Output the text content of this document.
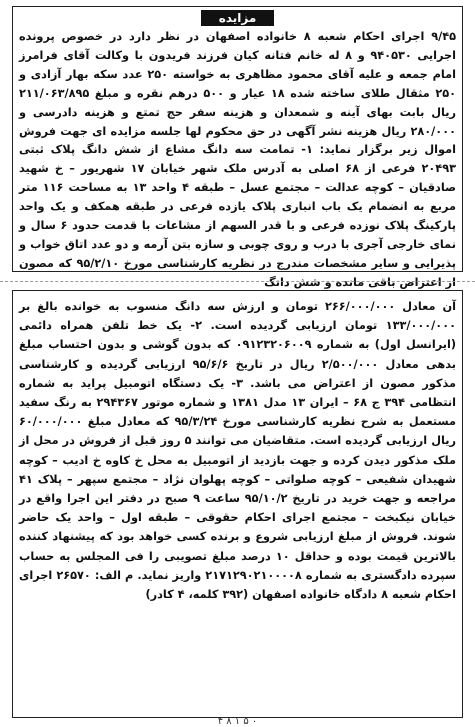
مزایده

۹/۴۵ اجرای احکام شعبه ۸ خانواده اصفهان در نظر دارد در خصوص پرونده اجرایی ۹۴۰۵۳۰ و ۸ له خانم فتانه کیان فرزند فریدون با وکالت آقای فرامرز امام جمعه و علیه آقای محمود مظاهری به خواسته ۲۵۰ عدد سکه بهار آزادی و ۲۵۰ مثقال طلای ساخته شده ۱۸ عیار و ۵۰۰ درهم نقره و مبلغ ۲۱۱/۰۶۳/۸۹۵ ریال بابت بهای آینه و شمعدان و هزینه سفر حج تمتع و هزینه دادرسی و ۲۸۰/۰۰۰ ریال هزینه نشر آگهی در حق محکوم لها جلسه مزایده ای جهت فروش اموال زیر برگزار نماید: ۱- تمامت سه دانگ مشاع از شش دانگ پلاک ثبتی ۲۰۴۹۳ فرعی از ۶۸ اصلی به آدرس ملک شهر خیابان ۱۷ شهریور – خ شهید صادقیان – کوچه عدالت – مجتمع عسل – طبقه ۴ واحد ۱۳ به مساحت ۱۱۶ متر مربع به انضمام یک باب انباری پلاک یازده فرعی در طبقه همکف و یک واحد پارکینگ پلاک نوزده فرعی و با قدر السهم از مشاعات با قدمت حدود ۶ سال و نمای خارجی آجری با درب و روی چوبی و سازه بتن آرمه و دو عدد اتاق خواب و پذیرایی و سایر مشخصات مندرج در نظریه کارشناسی مورخ ۹۵/۲/۱۰ که مصون از اعتراض باقی مانده و شش دانگ

آن معادل ۲۶۶/۰۰۰/۰۰۰ تومان و ارزش سه دانگ منسوب به خوانده بالغ بر ۱۳۳/۰۰۰/۰۰۰ تومان ارزیابی گردیده است. ۲- یک خط تلفن همراه دائمی (ایرانسل اول) به شماره ۰۹۱۲۳۲۰۶۰۰۹ که بدون گوشی و بدون احتساب مبلغ بدهی معادل ۲/۵۰۰/۰۰۰ ریال در تاریخ ۹۵/۶/۶ ارزیابی گردیده و کارشناسی مذکور مصون از اعتراض می باشد. ۳- یک دستگاه اتومبیل پراید به شماره انتظامی ۳۹۴ ج ۶۸ – ایران ۱۳ مدل ۱۳۸۱ و شماره موتور ۲۹۴۳۶۷ به رنگ سفید مستعمل به شرح نظریه کارشناسی مورخ ۹۵/۳/۲۴ که معادل مبلغ ۶۰/۰۰۰/۰۰۰ ریال ارزیابی گردیده است. متقاضیان می توانند ۵ روز قبل از فروش در محل از ملک مذکور دیدن کرده و جهت بازدید از اتومبیل به محل خ کاوه خ ادیب – کوچه شهیدان شفیعی – کوچه صلواتی – کوچه پهلوان نژاد – مجتمع سپهر – پلاک ۴۱ مراجعه و جهت خرید در تاریخ ۹۵/۱۰/۲ ساعت ۹ صبح در دفتر این اجرا واقع در خیابان نیکبخت – مجتمع اجرای احکام حقوقی – طبقه اول – واحد یک حاضر شوند. فروش از مبلغ ارزیابی شروع و برنده کسی خواهد بود که پیشنهاد کننده بالاترین قیمت بوده و حداقل ۱۰ درصد مبلغ تصویبی را فی المجلس به حساب سپرده دادگستری به شماره ۲۱۷۱۲۹۰۲۱۰۰۰۰۸ واریز نماید. م الف: ۲۶۵۷۰ اجرای احکام شعبه ۸ دادگاه خانواده اصفهان (۳۹۲ کلمه، ۴ کادر)

۴ ۸ ۱ ۵ ۰
